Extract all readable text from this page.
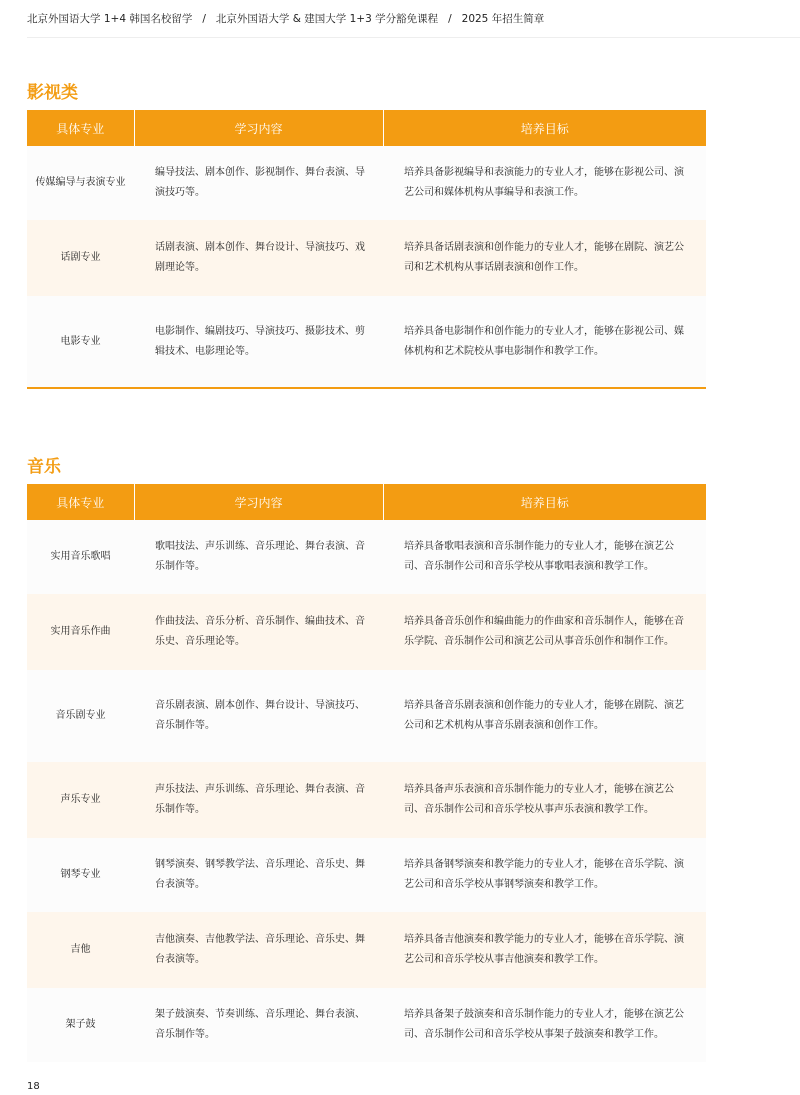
北京外国语大学 1+4 韩国名校留学 / 北京外国语大学 & 建国大学 1+3 学分豁免课程 / 2025 年招生简章
影视类
具体专业	学习内容	培养目标
传媒编导与表演专业	编导技法、剧本创作、影视制作、舞台表演、导演技巧等。	培养具备影视编导和表演能力的专业人才，能够在影视公司、演艺公司和媒体机构从事编导和表演工作。
话剧专业	话剧表演、剧本创作、舞台设计、导演技巧、戏剧理论等。	培养具备话剧表演和创作能力的专业人才，能够在剧院、演艺公司和艺术机构从事话剧表演和创作工作。
电影专业	电影制作、编剧技巧、导演技巧、摄影技术、剪辑技术、电影理论等。	培养具备电影制作和创作能力的专业人才，能够在影视公司、媒体机构和艺术院校从事电影制作和教学工作。
音乐
具体专业	学习内容	培养目标
实用音乐歌唱	歌唱技法、声乐训练、音乐理论、舞台表演、音乐制作等。	培养具备歌唱表演和音乐制作能力的专业人才，能够在演艺公司、音乐制作公司和音乐学校从事歌唱表演和教学工作。
实用音乐作曲	作曲技法、音乐分析、音乐制作、编曲技术、音乐史、音乐理论等。	培养具备音乐创作和编曲能力的作曲家和音乐制作人，能够在音乐学院、音乐制作公司和演艺公司从事音乐创作和制作工作。
音乐剧专业	音乐剧表演、剧本创作、舞台设计、导演技巧、音乐制作等。	培养具备音乐剧表演和创作能力的专业人才，能够在剧院、演艺公司和艺术机构从事音乐剧表演和创作工作。
声乐专业	声乐技法、声乐训练、音乐理论、舞台表演、音乐制作等。	培养具备声乐表演和音乐制作能力的专业人才，能够在演艺公司、音乐制作公司和音乐学校从事声乐表演和教学工作。
钢琴专业	钢琴演奏、钢琴教学法、音乐理论、音乐史、舞台表演等。	培养具备钢琴演奏和教学能力的专业人才，能够在音乐学院、演艺公司和音乐学校从事钢琴演奏和教学工作。
吉他	吉他演奏、吉他教学法、音乐理论、音乐史、舞台表演等。	培养具备吉他演奏和教学能力的专业人才，能够在音乐学院、演艺公司和音乐学校从事吉他演奏和教学工作。
架子鼓	架子鼓演奏、节奏训练、音乐理论、舞台表演、音乐制作等。	培养具备架子鼓演奏和音乐制作能力的专业人才，能够在演艺公司、音乐制作公司和音乐学校从事架子鼓演奏和教学工作。
18
